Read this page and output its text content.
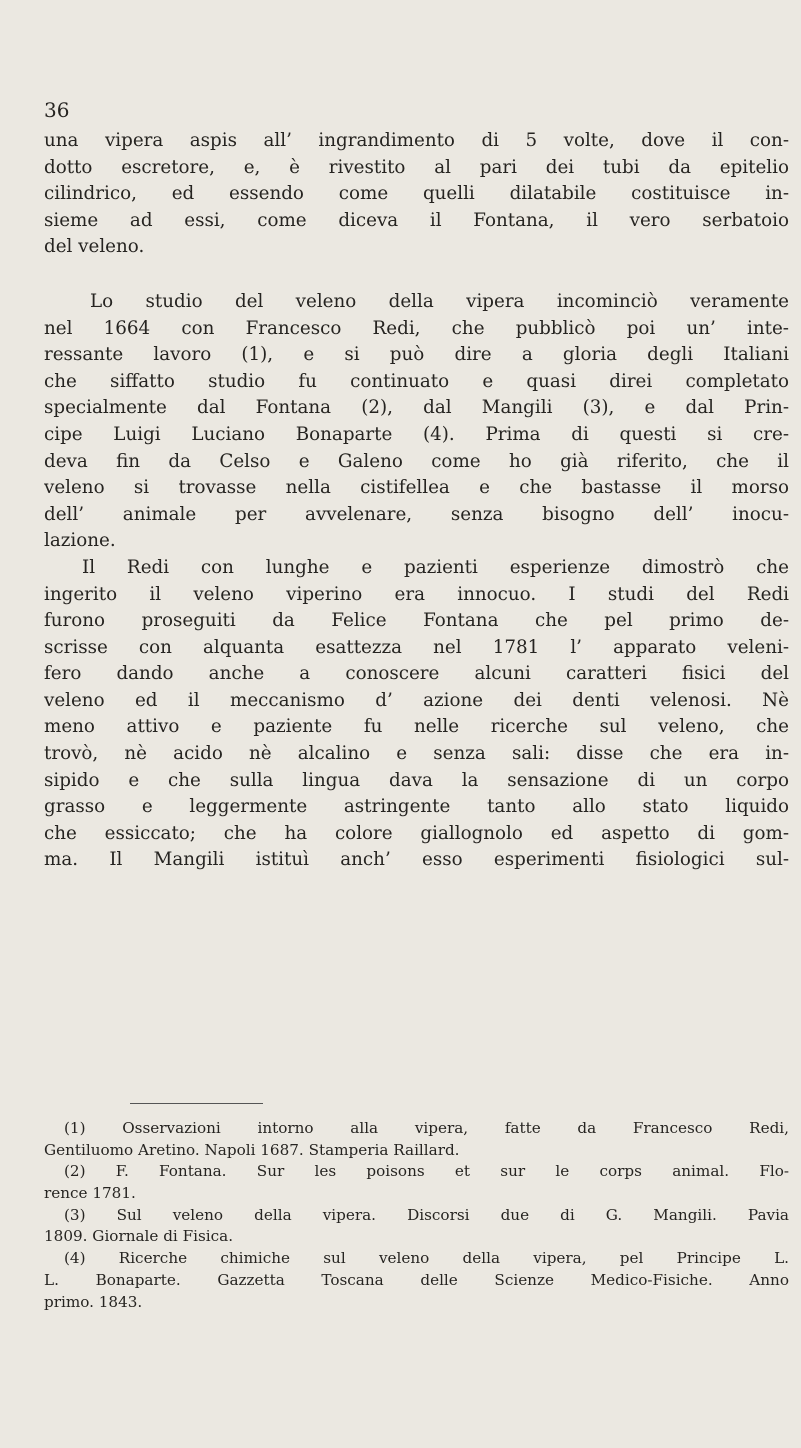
36
una vipera aspis all’ ingrandimento di 5 volte, dove il con-
dotto escretore, e, è rivestito al pari dei tubi da epitelio
cilindrico, ed essendo come quelli dilatabile costituisce in-
sieme ad essi, come diceva il Fontana, il vero serbatoio
del veleno.
Lo studio del veleno della vipera incominciò veramente
nel 1664 con Francesco Redi, che pubblicò poi un’ inte-
ressante lavoro (1), e si può dire a gloria degli Italiani
che siffatto studio fu continuato e quasi direi completato
specialmente dal Fontana (2), dal Mangili (3), e dal Prin-
cipe Luigi Luciano Bonaparte (4). Prima di questi si cre-
deva fin da Celso e Galeno come ho già riferito, che il
veleno si trovasse nella cistifellea e che bastasse il morso
dell’ animale per avvelenare, senza bisogno dell’ inocu-
lazione.
Il Redi con lunghe e pazienti esperienze dimostrò che
ingerito il veleno viperino era innocuo. I studi del Redi
furono proseguiti da Felice Fontana che pel primo de-
scrisse con alquanta esattezza nel 1781 l’ apparato veleni-
fero dando anche a conoscere alcuni caratteri fisici del
veleno ed il meccanismo d’ azione dei denti velenosi. Nè
meno attivo e paziente fu nelle ricerche sul veleno, che
trovò, nè acido nè alcalino e senza sali: disse che era in-
sipido e che sulla lingua dava la sensazione di un corpo
grasso e leggermente astringente tanto allo stato liquido
che essiccato; che ha colore giallognolo ed aspetto di gom-
ma. Il Mangili istituì anch’ esso esperimenti fisiologici sul-
(1) Osservazioni intorno alla vipera, fatte da Francesco Redi,
Gentiluomo Aretino. Napoli 1687. Stamperia Raillard.
(2) F. Fontana. Sur les poisons et sur le corps animal. Flo-
rence 1781.
(3) Sul veleno della vipera. Discorsi due di G. Mangili. Pavia
1809. Giornale di Fisica.
(4) Ricerche chimiche sul veleno della vipera, pel Principe L.
L. Bonaparte. Gazzetta Toscana delle Scienze Medico-Fisiche. Anno
primo. 1843.
